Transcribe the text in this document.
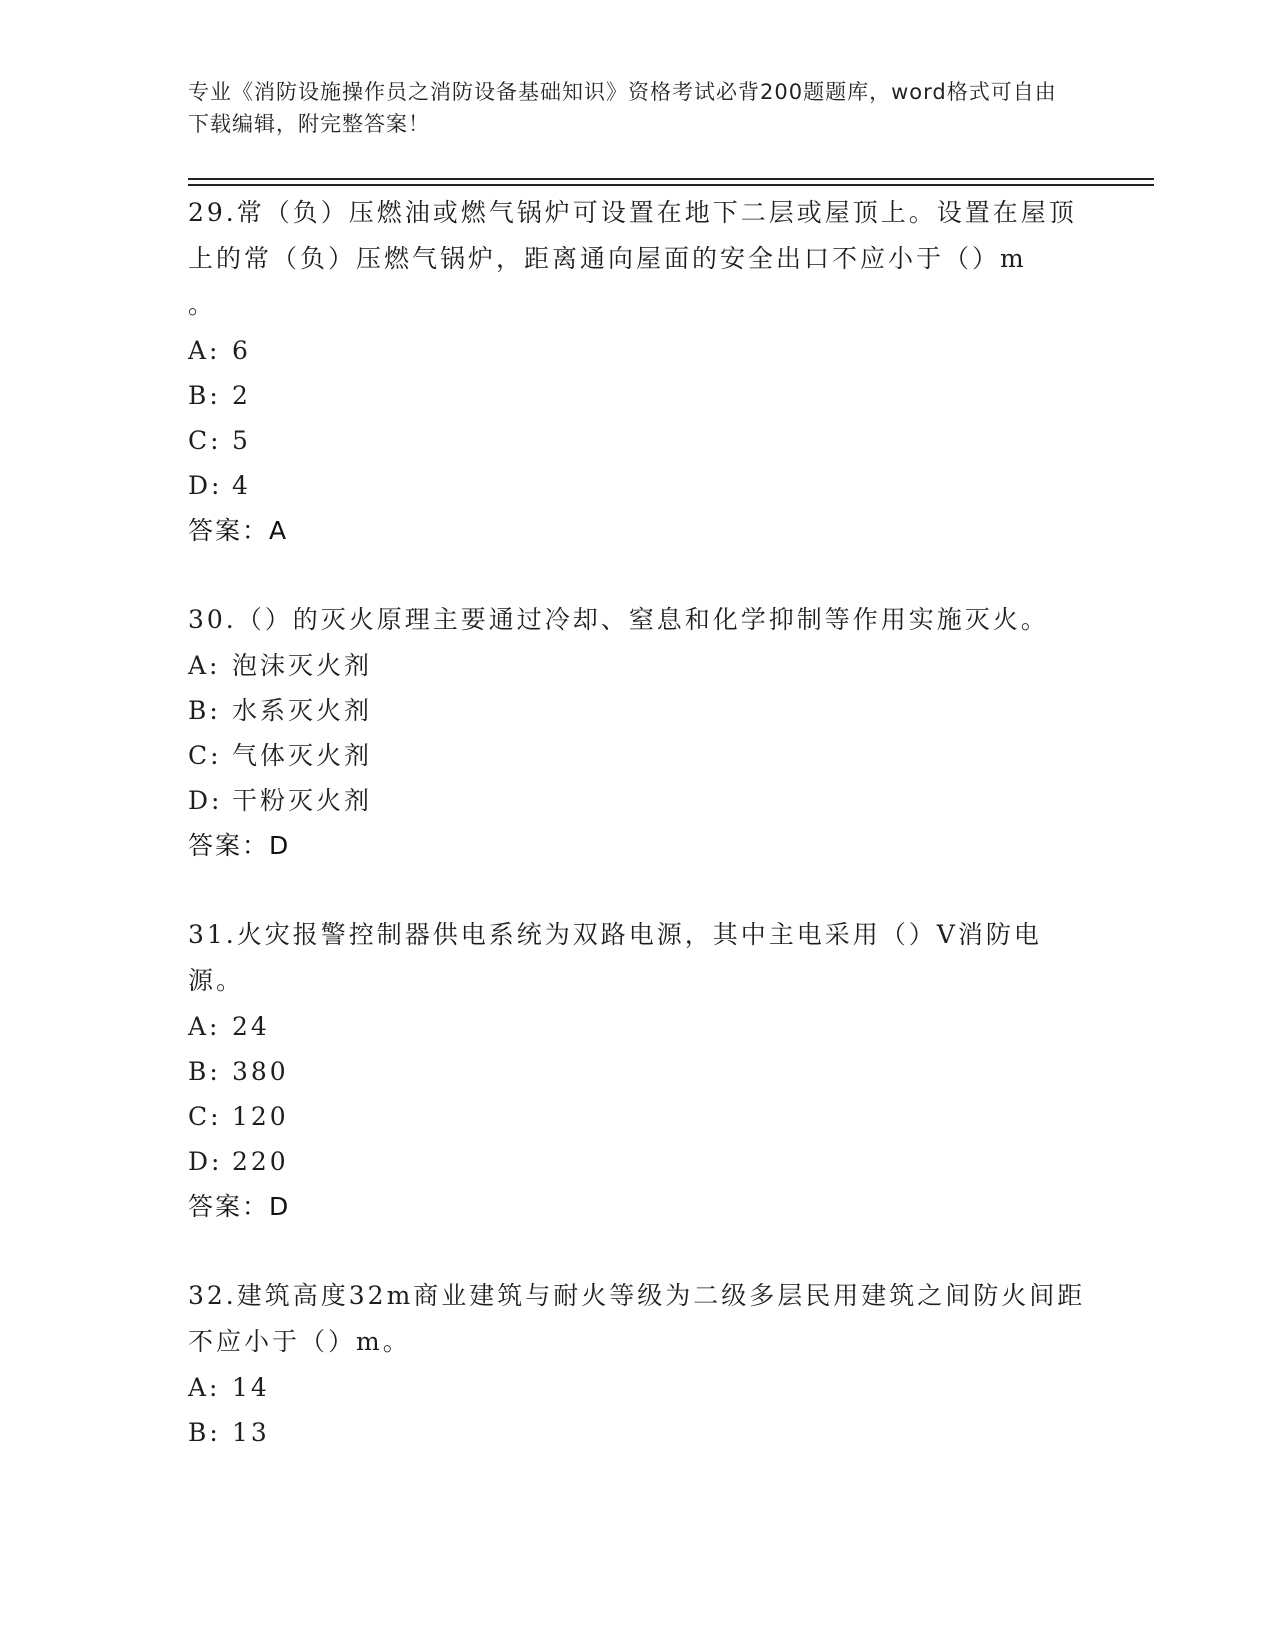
专业《消防设施操作员之消防设备基础知识》资格考试必背200题题库，word格式可自由下载编辑，附完整答案！
29.常（负）压燃油或燃气锅炉可设置在地下二层或屋顶上。设置在屋顶上的常（负）压燃气锅炉，距离通向屋面的安全出口不应小于（）m
。
A: 6
B: 2
C: 5
D: 4
答案：A
30.（）的灭火原理主要通过冷却、窒息和化学抑制等作用实施灭火。
A: 泡沫灭火剂
B: 水系灭火剂
C: 气体灭火剂
D: 干粉灭火剂
答案：D
31.火灾报警控制器供电系统为双路电源，其中主电采用（）V消防电源。
A: 24
B: 380
C: 120
D: 220
答案：D
32.建筑高度32m商业建筑与耐火等级为二级多层民用建筑之间防火间距不应小于（）m。
A: 14
B: 13
